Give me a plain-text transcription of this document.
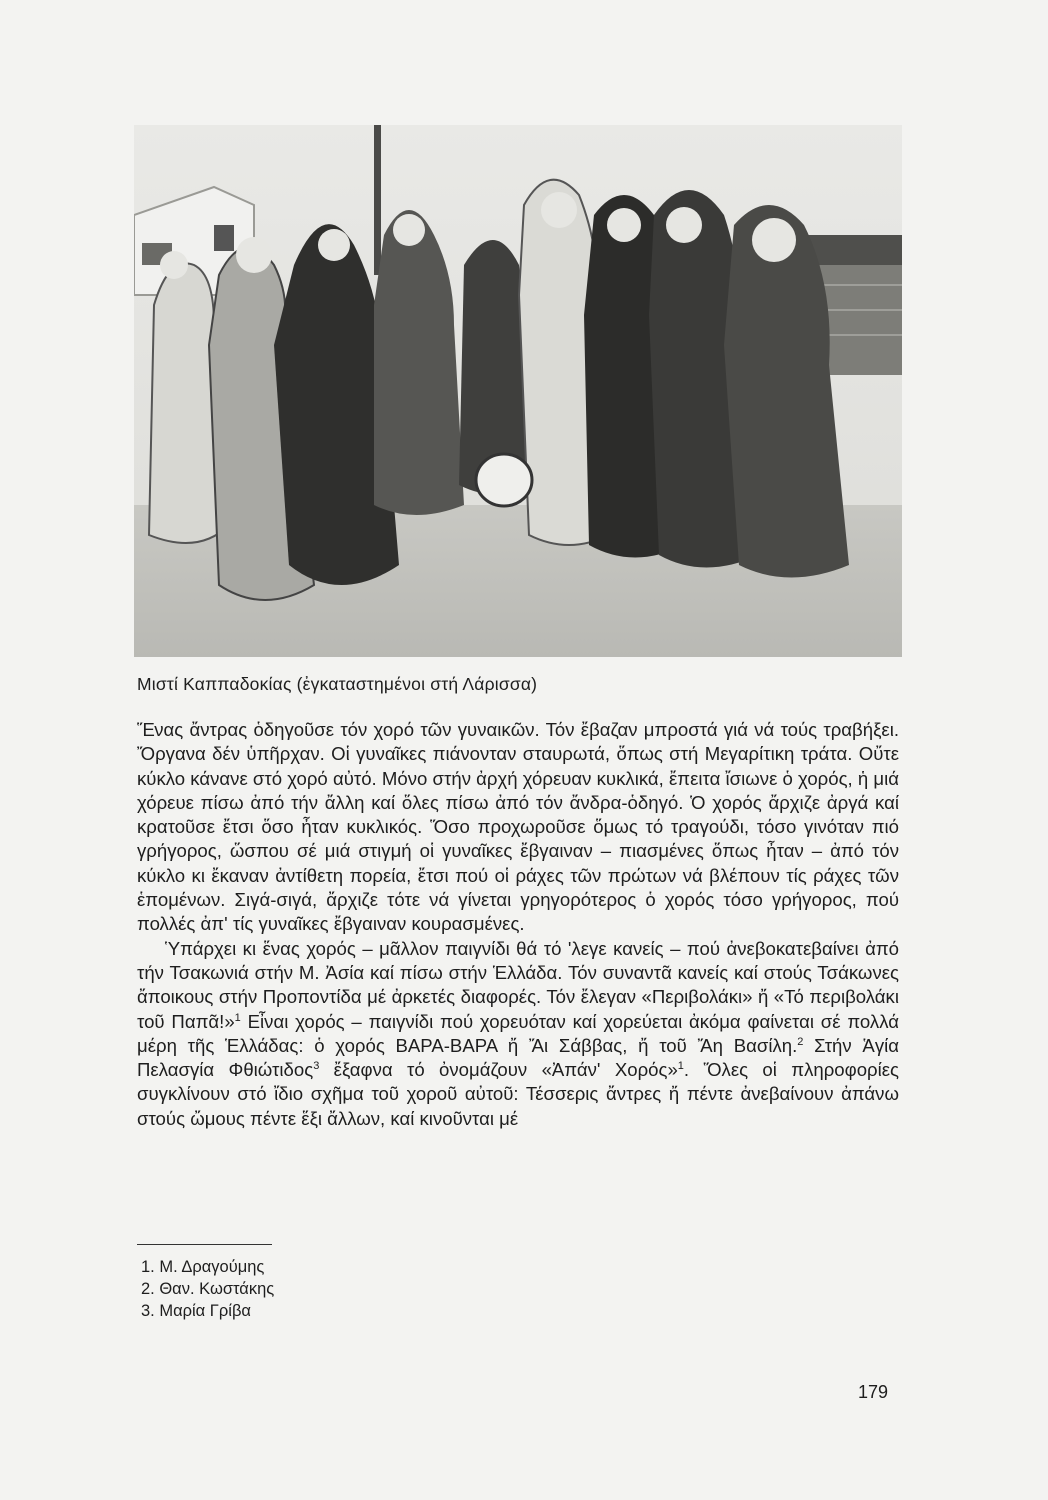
Μιστί Καππαδοκίας (ἐγκαταστημένοι στή Λάρισσα)

Ἕνας ἄντρας ὁδηγοῦσε τόν χορό τῶν γυναικῶν. Τόν ἔβαζαν μπροστά γιά νά τούς τραβήξει. Ὄργανα δέν ὑπῆρχαν. Οἱ γυναῖκες πιάνονταν σταυρωτά, ὅπως στή Μεγαρίτικη τράτα. Οὔτε κύκλο κάνανε στό χορό αὐτό. Μόνο στήν ἀρχή χόρευαν κυκλικά, ἔπειτα ἴσιωνε ὁ χορός, ἡ μιά χόρευε πίσω ἀπό τήν ἄλλη καί ὅλες πίσω ἀπό τόν ἄνδρα-ὁδηγό. Ὁ χορός ἄρχιζε ἀργά καί κρατοῦσε ἔτσι ὅσο ἦταν κυκλικός. Ὅσο προχωροῦσε ὅμως τό τραγούδι, τόσο γινόταν πιό γρήγορος, ὥσπου σέ μιά στιγμή οἱ γυναῖκες ἔβγαιναν – πιασμένες ὅπως ἦταν – ἀπό τόν κύκλο κι ἔκαναν ἀντίθετη πορεία, ἔτσι πού οἱ ράχες τῶν πρώτων νά βλέπουν τίς ράχες τῶν ἑπομένων. Σιγά-σιγά, ἄρχιζε τότε νά γίνεται γρηγορότερος ὁ χορός τόσο γρήγορος, πού πολλές ἀπ' τίς γυναῖκες ἔβγαιναν κουρασμένες.

Ὑπάρχει κι ἕνας χορός – μᾶλλον παιγνίδι θά τό 'λεγε κανείς – πού ἀνεβοκατεβαίνει ἀπό τήν Τσακωνιά στήν Μ. Ἀσία καί πίσω στήν Ἑλλάδα. Τόν συναντᾶ κανείς καί στούς Τσάκωνες ἄποικους στήν Προποντίδα μέ ἀρκετές διαφορές. Τόν ἔλεγαν «Περιβολάκι» ἤ «Τό περιβολάκι τοῦ Παπᾶ!»$^1$ Εἶναι χορός – παιγνίδι πού χορευόταν καί χορεύεται ἀκόμα φαίνεται σέ πολλά μέρη τῆς Ἑλλάδας: ὁ χορός ΒΑΡΑ-ΒΑΡΑ ἤ Ἄι Σάββας, ἤ τοῦ Ἄη Βασίλη.$^2$ Στήν Ἁγία Πελασγία Φθιώτιδος$^3$ ἔξαφνα τό ὀνομάζουν «Ἀπάν' Χορός»$^1$. Ὅλες οἱ πληροφορίες συγκλίνουν στό ἴδιο σχῆμα τοῦ χοροῦ αὐτοῦ: Τέσσερις ἄντρες ἤ πέντε ἀνεβαίνουν ἀπάνω στούς ὤμους πέντε ἕξι ἄλλων, καί κινοῦνται μέ

1. Μ. Δραγούμης
2. Θαν. Κωστάκης
3. Μαρία Γρίβα
179
